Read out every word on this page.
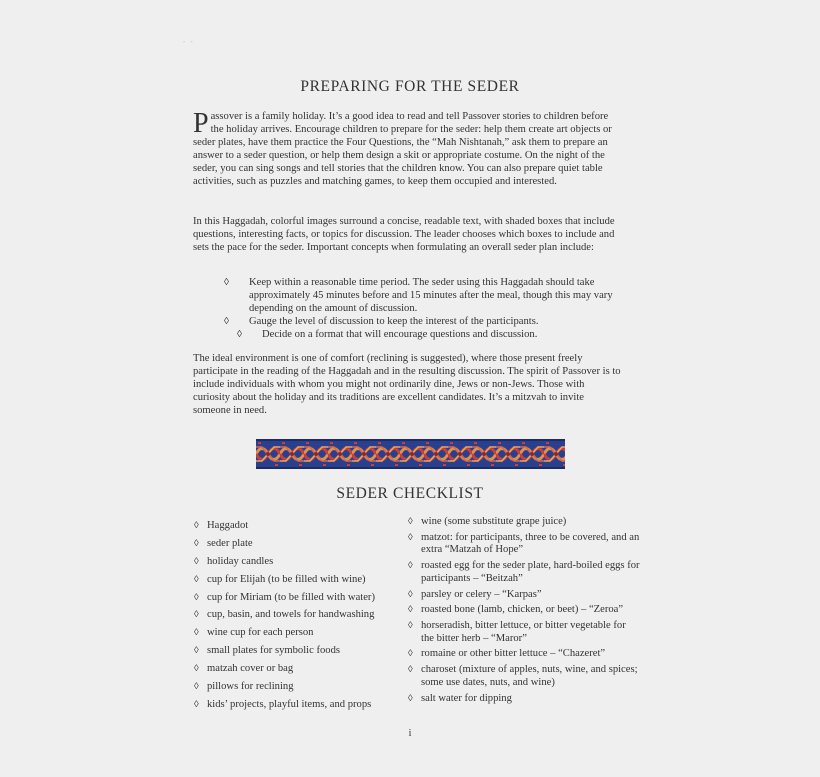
• •
PREPARING FOR THE SEDER

Passover is a family holiday. It’s a good idea to read and tell Passover stories to children before the holiday arrives. Encourage children to prepare for the seder: help them create art objects or seder plates, have them practice the Four Questions, the “Mah Nishtanah,” ask them to prepare an answer to a seder question, or help them design a skit or appropriate costume. On the night of the seder, you can sing songs and tell stories that the children know. You can also prepare quiet table activities, such as puzzles and matching games, to keep them occupied and interested.

In this Haggadah, colorful images surround a concise, readable text, with shaded boxes that include questions, interesting facts, or topics for discussion. The leader chooses which boxes to include and sets the pace for the seder. Important concepts when formulating an overall seder plan include:

◊ Keep within a reasonable time period. The seder using this Haggadah should take approximately 45 minutes before and 15 minutes after the meal, though this may vary depending on the amount of discussion.
◊ Gauge the level of discussion to keep the interest of the participants.
◊ Decide on a format that will encourage questions and discussion.

The ideal environment is one of comfort (reclining is suggested), where those present freely participate in the reading of the Haggadah and in the resulting discussion. The spirit of Passover is to include individuals with whom you might not ordinarily dine, Jews or non-Jews. Those with curiosity about the holiday and its traditions are excellent candidates. It’s a mitzvah to invite someone in need.

SEDER CHECKLIST
◊ Haggadot
◊ seder plate
◊ holiday candles
◊ cup for Elijah (to be filled with wine)
◊ cup for Miriam (to be filled with water)
◊ cup, basin, and towels for handwashing
◊ wine cup for each person
◊ small plates for symbolic foods
◊ matzah cover or bag
◊ pillows for reclining
◊ kids’ projects, playful items, and props
◊ wine (some substitute grape juice)
◊ matzot: for participants, three to be covered, and an extra “Matzah of Hope”
◊ roasted egg for the seder plate, hard-boiled eggs for participants – “Beitzah”
◊ parsley or celery – “Karpas”
◊ roasted bone (lamb, chicken, or beet) – “Zeroa”
◊ horseradish, bitter lettuce, or bitter vegetable for the bitter herb – “Maror”
◊ romaine or other bitter lettuce – “Chazeret”
◊ charoset (mixture of apples, nuts, wine, and spices; some use dates, nuts, and wine)
◊ salt water for dipping
i
